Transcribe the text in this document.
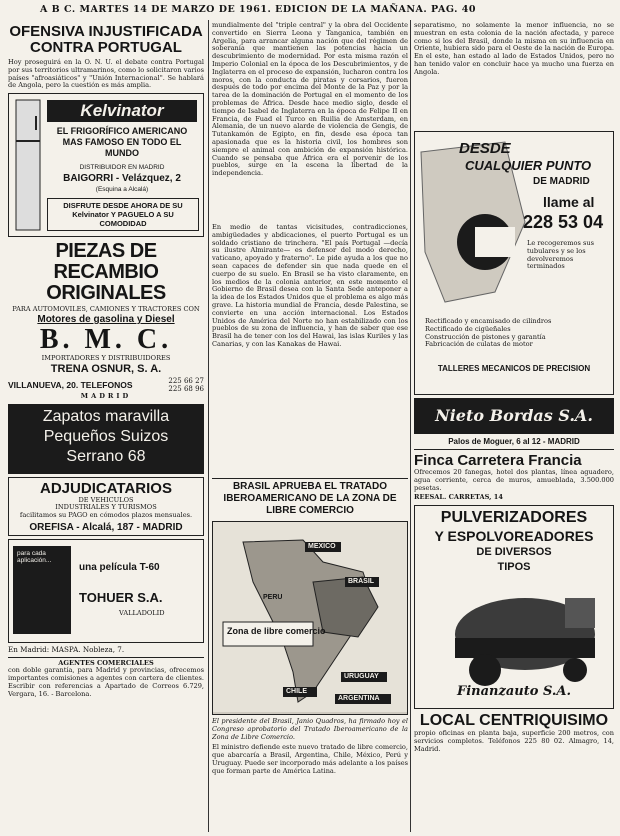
A B C. MARTES 14 DE MARZO DE 1961. EDICION DE LA MAÑANA. PAG. 40
OFENSIVA INJUSTIFICADA CONTRA PORTUGAL
Hoy proseguirá en la O. N. U. el debate contra Portugal por sus territorios ultramarinos, como lo solicitaron varios países "afroasiáticos" y "Unión Internacional". Se hablará de Angola, pero la cuestión es más amplia.
Kelvinator
EL FRIGORÍFICO AMERICANO MAS FAMOSO EN TODO EL MUNDO
DISTRIBUIDOR EN MADRID
BAIGORRI - Velázquez, 2
(Esquina a Alcalá)
DISFRUTE DESDE AHORA DE SU Kelvinator Y PAGUELO A SU COMODIDAD
PIEZAS DE RECAMBIO ORIGINALES
PARA AUTOMOVILES, CAMIONES Y TRACTORES CON
Motores de gasolina y Diesel
B. M. C.
IMPORTADORES Y DISTRIBUIDORES
TRENA OSNUR, S. A.
VILLANUEVA, 20. TELEFONOS	225 66 27
225 68 96
MADRID
Zapatos maravilla
Pequeños Suizos
Serrano 68
ADJUDICATARIOS
DE VEHICULOS
INDUSTRIALES Y TURISMOS
facilitamos su PAGO en cómodos plazos mensuales.
OREFISA - Alcalá, 187 - MADRID
para cada aplicación...
una película T-60
TOHUER S.A.
VALLADOLID
En Madrid: MASPA. Nobleza, 7.
AGENTES COMERCIALES
con doble garantía, para Madrid y provincias, ofrecemos importantes comisiones a agentes con cartera de clientes. Escribir con referencias a Apartado de Correos 6.729, Vergara, 16. - Barcelona.
mundialmente del "triple central" y la obra del Occidente convertido en Sierra Leona y Tanganica, también en Argelia, para arrancar alguna nación que del régimen de soberanía que mantienen las potencias hacia un descubrimiento de modernidad. Por esta misma razón el Imperio Colonial en la época de los Descubrimientos, y de Inglaterra en el proceso de expansión, lucharon contra los moros, con la conducta de piratas y corsarios, fueron después de todo por encima del Monte de la Paz y por la tarea de la dominación de Portugal en el momento de los problemas de África. Desde hace medio siglo, desde el tiempo de Isabel de Inglaterra en la época de Felipe II en Francia, de Fuad el Turco en Ruilia de Amsterdam, en Alemania, de un nuevo alarde de violencia de Gengis, de Tutankamón de Egipto, en fin, desde esa época tan apasionada que es la historia civil, los hombres son siempre el animal con ambición de expansión histórica. Cuando se pensaba que África era el porvenir de los pueblos, surge en la escena la libertad de la independencia.
En medio de tantas vicisitudes, contradicciones, ambigüedades y abdicaciones, el puerto Portugal es un soldado cristiano de trinchera. "El país Portugal —decía su ilustre Almirante— es defensor del modo derecho, vaticano, apoyado y fraterno". Le pide ayuda a los que no sean capaces de defender sin que nada quede en el cuerpo de su suelo. En Brasil se ha visto claramente, en los medios de la colonia anterior, en este momento el Gobierno de Brasil desea con la Santa Sede anteponer a la idea de los Estados Unidos que el problema es algo más grave. La historia mundial de Francia, desde Palestina, se convierte en una acción internacional. Los Estados Unidos de América del Norte no han estabilizado con los pueblos de su zona de influencia, y han de saber que ese Brasil ha de tener con los del Hawai, las islas Kuriles y las Canarias, y con las Kanakas de Hawai.
BRASIL APRUEBA EL TRATADO IBEROAMERICANO DE LA ZONA DE LIBRE COMERCIO
MEXICO
BRASIL
PERU
Zona de libre comercio
CHILE
URUGUAY
ARGENTINA
El presidente del Brasil, Janio Quadros, ha firmado hoy el Congreso aprobatorio del Tratado Iberoamericano de la Zona de Libre Comercio.
El ministro defiende este nuevo tratado de libre comercio, que abarcaría a Brasil, Argentina, Chile, México, Perú y Uruguay. Puede ser incorporado más adelante a los países que forman parte de América Latina.
separatismo, no solamente la menor influencia, no se muestran en esta colonia de la nación afectada, y parece como si los del Brasil, donde la misma en su influencia en Oriente, hubiera sido para el Oeste de la nación de Europa. En el este, han estado al lado de Estados Unidos, pero no han tenido valor en concluir hace ya mucho una fuerza en Angola.
DESDE
CUALQUIER PUNTO
DE MADRID
llame al
228 53 04
Le recogeremos sus tubulares y se los devolveremos terminados
Rectificado y encamisado de cilindros
Rectificado de cigüeñales
Construcción de pistones y garantía
Fabricación de culatas de motor
TALLERES MECANICOS DE PRECISION
Nieto Bordas S.A.
Palos de Moguer, 6 al 12 - MADRID
Finca Carretera Francia
Ofrecemos 20 fanegas, hotel dos plantas, línea aguadero, agua corriente, cerca de muros, amueblada, 3.500.000 pesetas.
REESAL. CARRETAS, 14
PULVERIZADORES
Y ESPOLVOREADORES
DE DIVERSOS
TIPOS
Finanzauto S.A.
LOCAL CENTRIQUISIMO
propio oficinas en planta baja, superficie 200 metros, con servicios completos. Teléfonos 225 80 02. Almagro, 14, Madrid.
